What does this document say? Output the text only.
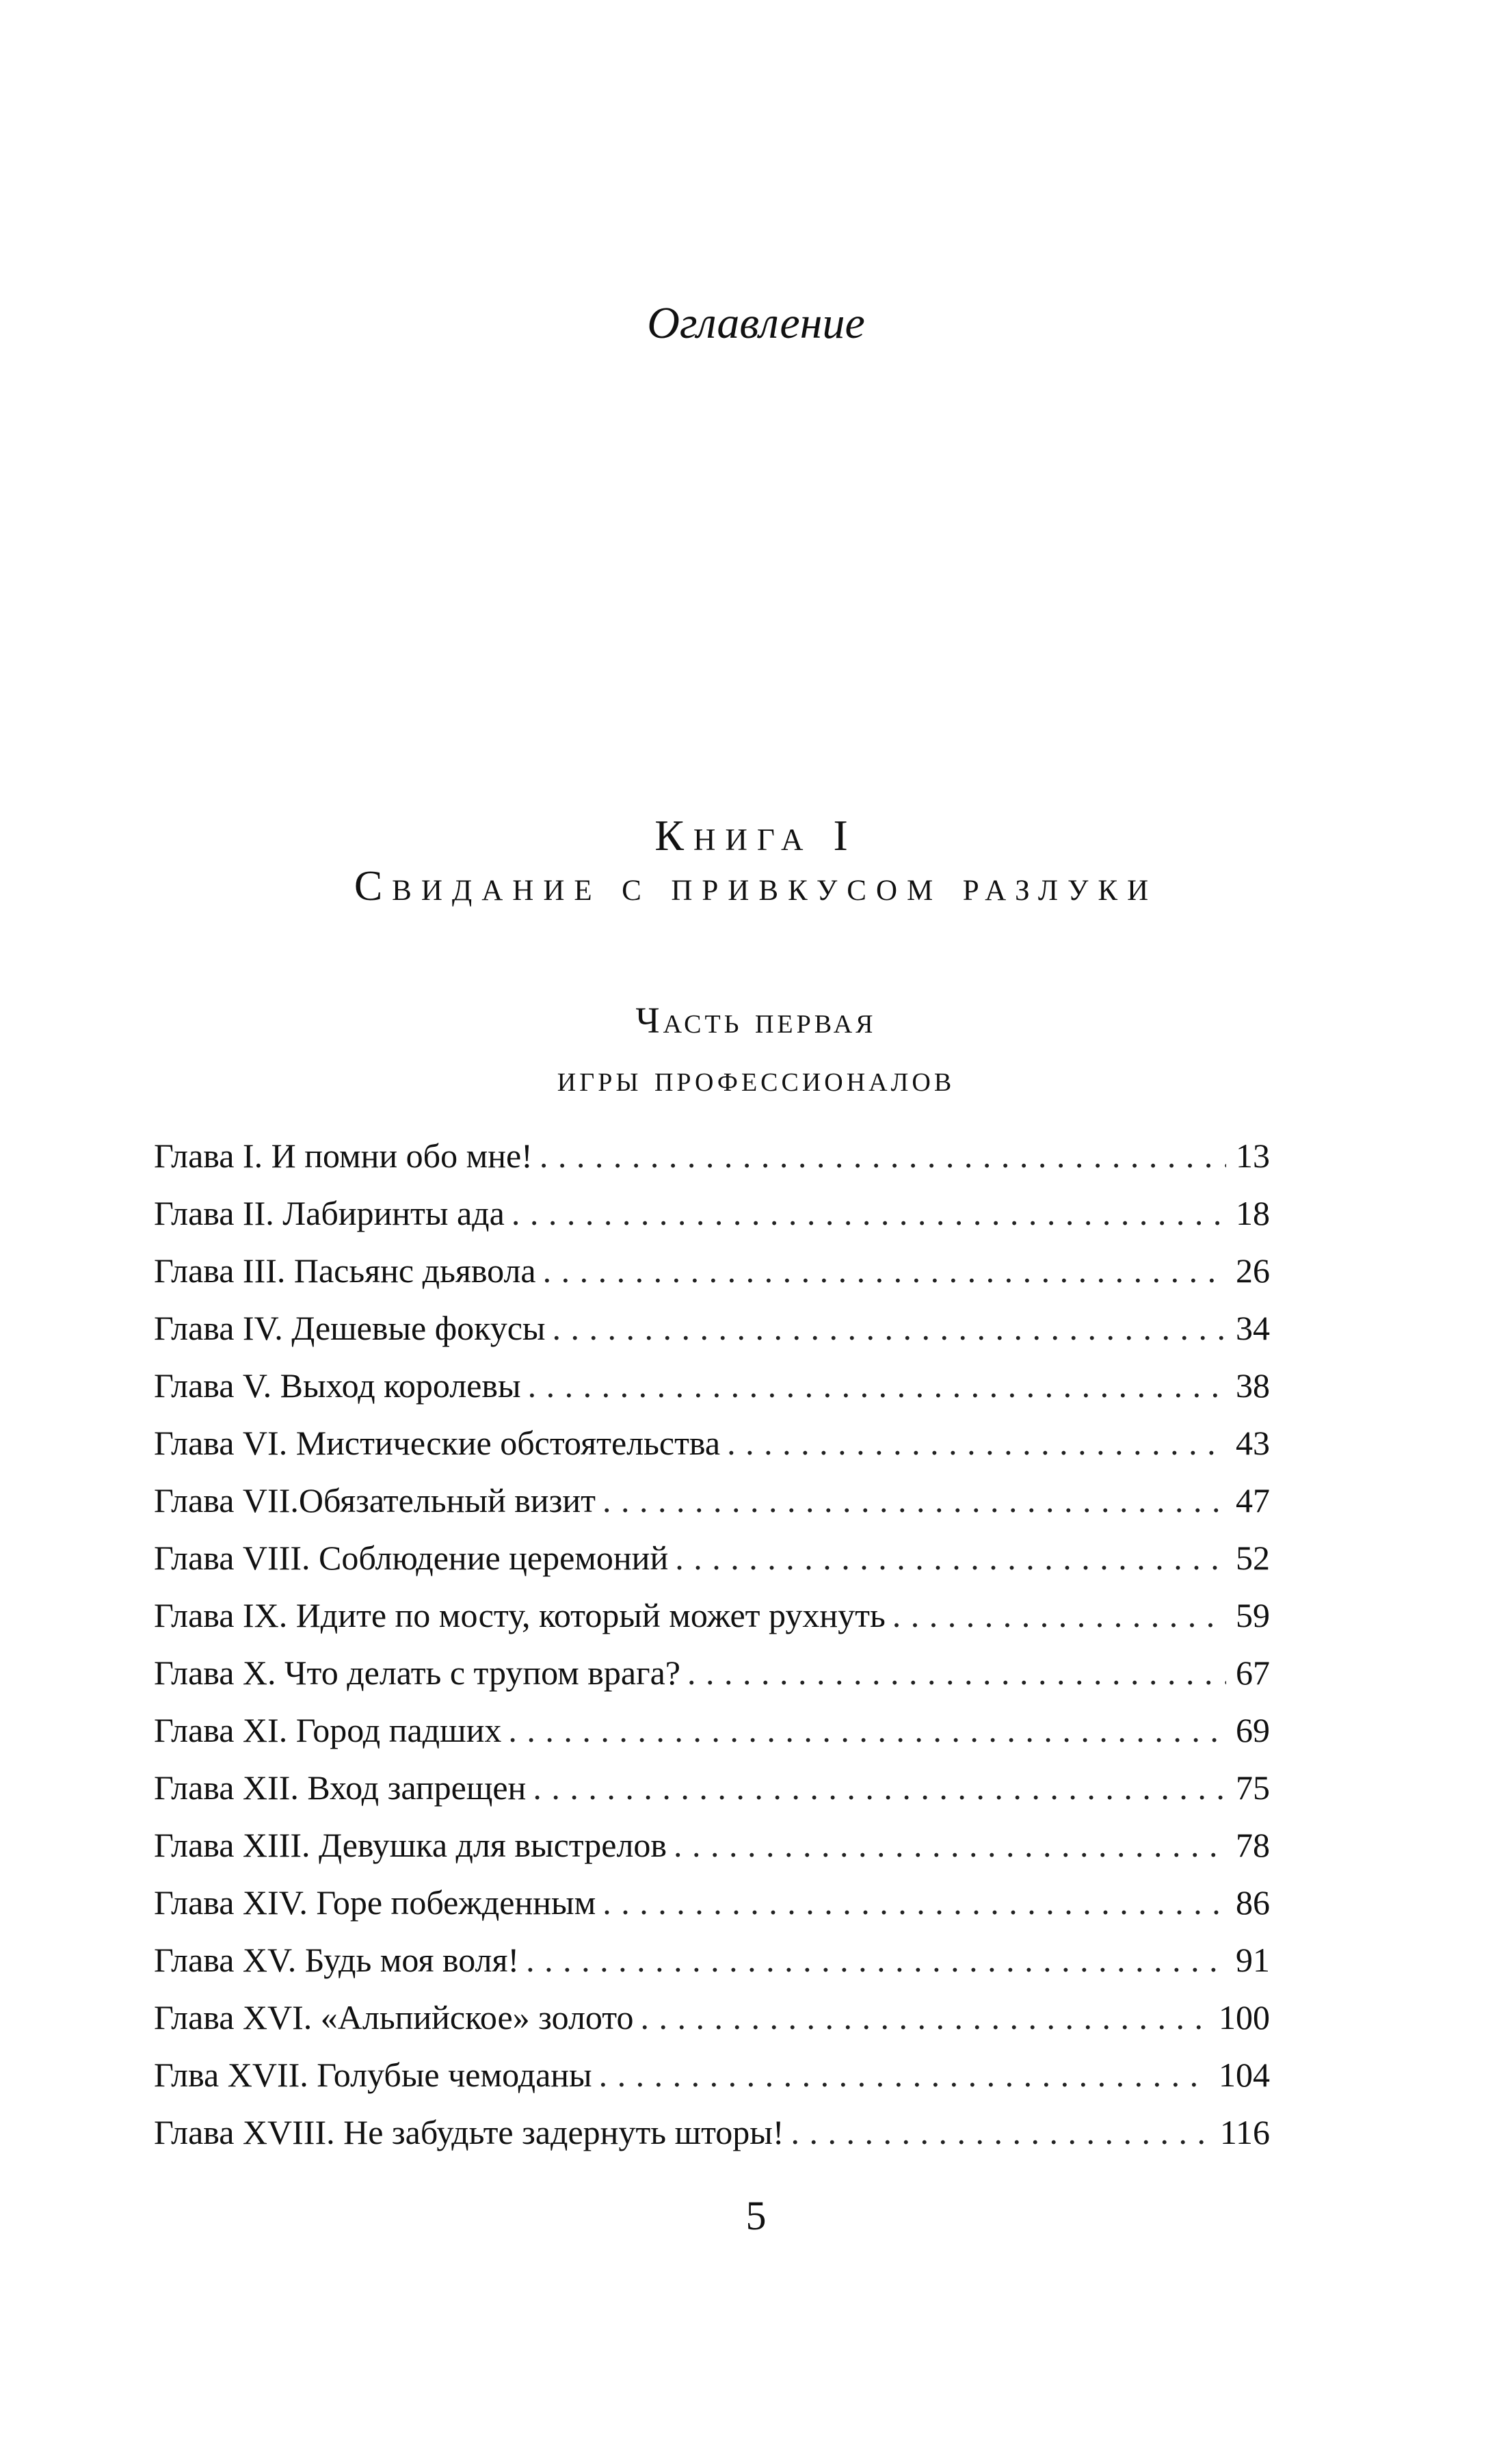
Оглавление
Книга I
Свидание с привкусом разлуки
Часть первая
игры профессионалов
Глава I. И помни обо мне! . . .	13
Глава II. Лабиринты ада . . .	18
Глава III. Пасьянс дьявола . . .	26
Глава IV. Дешевые фокусы . . .	34
Глава V. Выход королевы . . .	38
Глава VI. Мистические обстоятельства . . .	43
Глава VII.Обязательный визит . . .	47
Глава VIII. Соблюдение церемоний . . .	52
Глава IX. Идите по мосту, который может рухнуть . . .	59
Глава X. Что делать с трупом врага? . . .	67
Глава XI. Город падших . . .	69
Глава XII. Вход запрещен . . .	75
Глава XIII. Девушка для выстрелов . . .	78
Глава XIV. Горе побежденным . . .	86
Глава XV. Будь моя воля! . . .	91
Глава XVI. «Альпийское» золото . . .	100
Глва XVII. Голубые чемоданы . . .	104
Глава XVIII. Не забудьте задернуть шторы! . . .	116
5
